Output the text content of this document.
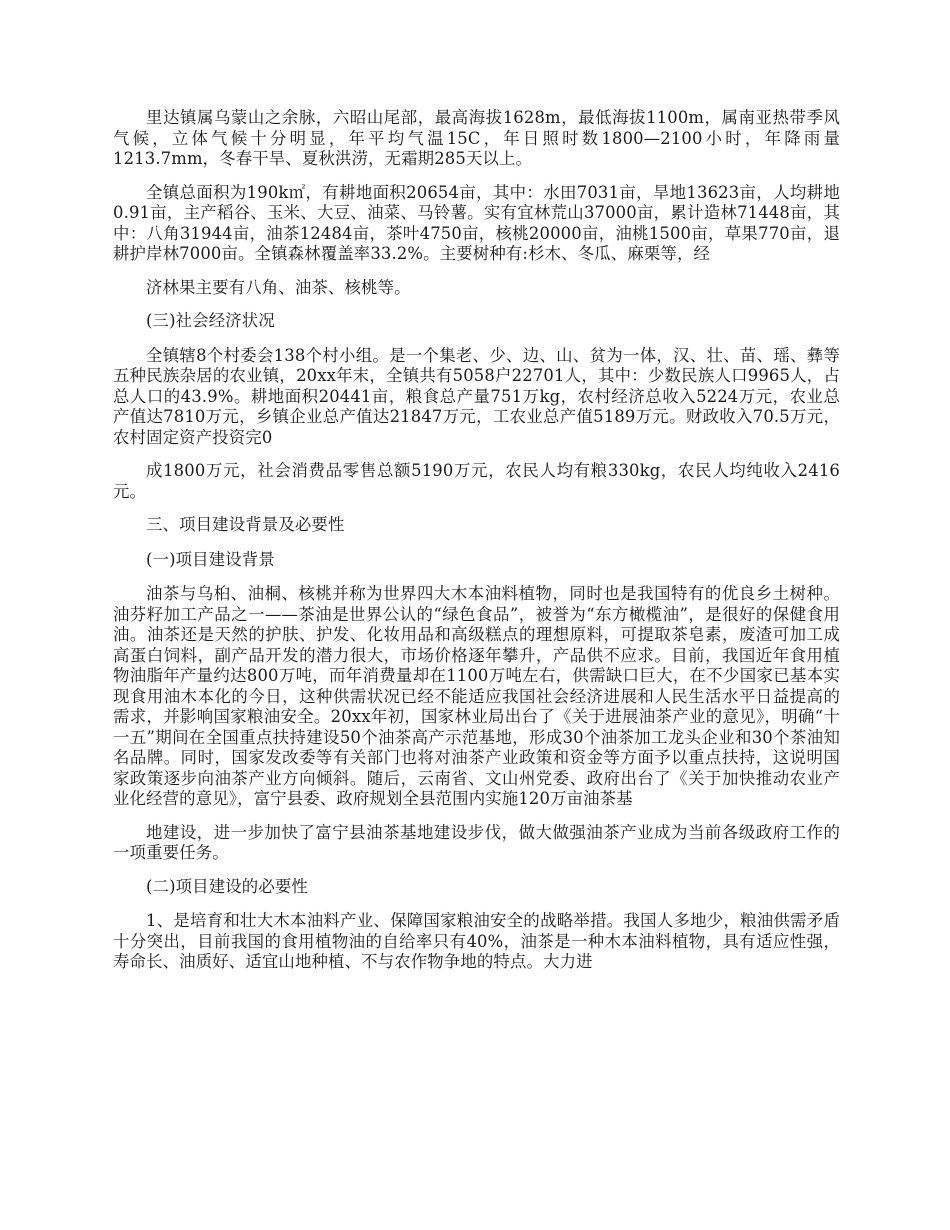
里达镇属乌蒙山之余脉，六昭山尾部，最高海拔1628m，最低海拔1100m，属南亚热带季风气候，立体气候十分明显，年平均气温15C，年日照时数1800—2100小时，年降雨量1213.7mm，冬春干旱、夏秋洪涝，无霜期285天以上。

全镇总面积为190k㎡，有耕地面积20654亩，其中：水田7031亩，旱地13623亩，人均耕地0.91亩，主产稻谷、玉米、大豆、油菜、马铃薯。实有宜林荒山37000亩，累计造林71448亩，其中：八角31944亩，油茶12484亩，茶叶4750亩，核桃20000亩，油桃1500亩，草果770亩，退耕护岸林7000亩。全镇森林覆盖率33.2%。主要树种有:杉木、冬瓜、麻栗等，经

济林果主要有八角、油茶、核桃等。

(三)社会经济状况

全镇辖8个村委会138个村小组。是一个集老、少、边、山、贫为一体，汉、壮、苗、瑶、彝等五种民族杂居的农业镇，20xx年末，全镇共有5058户22701人，其中：少数民族人口9965人，占总人口的43.9%。耕地面积20441亩，粮食总产量751万kg，农村经济总收入5224万元，农业总产值达7810万元，乡镇企业总产值达21847万元，工农业总产值5189万元。财政收入70.5万元，农村固定资产投资完0

成1800万元，社会消费品零售总额5190万元，农民人均有粮330kg，农民人均纯收入2416元。

三、项目建设背景及必要性

(一)项目建设背景

油茶与乌桕、油桐、核桃并称为世界四大木本油料植物，同时也是我国特有的优良乡土树种。油芬籽加工产品之一——茶油是世界公认的“绿色食品”，被誉为“东方橄榄油”，是很好的保健食用油。油茶还是天然的护肤、护发、化妆用品和高级糕点的理想原料，可提取茶皂素，废渣可加工成高蛋白饲料，副产品开发的潜力很大，市场价格逐年攀升，产品供不应求。目前，我国近年食用植物油脂年产量约达800万吨，而年消费量却在1100万吨左右，供需缺口巨大，在不少国家已基本实现食用油木本化的今日，这种供需状况已经不能适应我国社会经济进展和人民生活水平日益提高的需求，并影响国家粮油安全。20xx年初，国家林业局出台了《关于进展油茶产业的意见》，明确“十一五”期间在全国重点扶持建设50个油茶高产示范基地，形成30个油茶加工龙头企业和30个茶油知名品牌。同时，国家发改委等有关部门也将对油茶产业政策和资金等方面予以重点扶持，这说明国家政策逐步向油茶产业方向倾斜。随后，云南省、文山州党委、政府出台了《关于加快推动农业产业化经营的意见》，富宁县委、政府规划全县范围内实施120万亩油茶基

地建设，进一步加快了富宁县油茶基地建设步伐，做大做强油茶产业成为当前各级政府工作的一项重要任务。

(二)项目建设的必要性

1、是培育和壮大木本油料产业、保障国家粮油安全的战略举措。我国人多地少，粮油供需矛盾十分突出，目前我国的食用植物油的自给率只有40%，油茶是一种木本油料植物，具有适应性强，寿命长、油质好、适宜山地种植、不与农作物争地的特点。大力进
